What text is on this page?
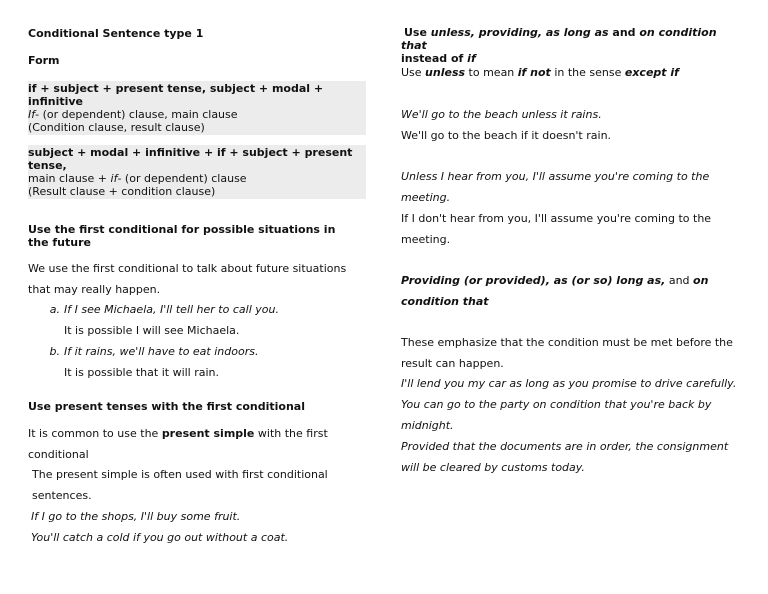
Conditional Sentence type 1

Form

if + subject + present tense, subject + modal + infinitive
If- (or dependent) clause, main clause
(Condition clause, result clause)
subject + modal + infinitive + if + subject + present tense,
main clause + if- (or dependent) clause
(Result clause + condition clause)

Use the first conditional for possible situations in the future

We use the first conditional to talk about future situations that may really happen.

a. If I see Michaela, I'll tell her to call you.
It is possible I will see Michaela.
b. If it rains, we'll have to eat indoors.
It is possible that it will rain.

Use present tenses with the first conditional

It is common to use the present simple with the first conditional

The present simple is often used with first conditional sentences.

If I go to the shops, I'll buy some fruit.

You'll catch a cold if you go out without a coat.

Use unless, providing, as long as and on condition that
instead of if

Use unless to mean if not in the sense except if

We'll go to the beach unless it rains.

We'll go to the beach if it doesn't rain.

Unless I hear from you, I'll assume you're coming to the meeting.

If I don't hear from you, I'll assume you're coming to the meeting.

Providing (or provided), as (or so) long as, and on condition that

These emphasize that the condition must be met before the result can happen.

I'll lend you my car as long as you promise to drive carefully.

You can go to the party on condition that you're back by midnight.

Provided that the documents are in order, the consignment will be cleared by customs today.
